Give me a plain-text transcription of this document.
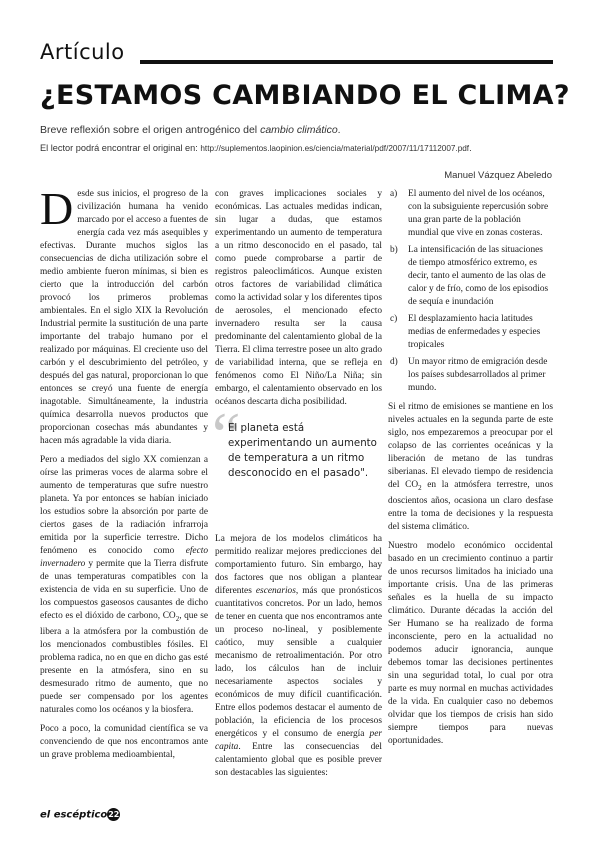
Artículo
¿ESTAMOS CAMBIANDO EL CLIMA?
Breve reflexión sobre el origen antrogénico del cambio climático.
El lector podrá encontrar el original en: http://suplementos.laopinion.es/ciencia/material/pdf/2007/11/17112007.pdf.
Manuel Vázquez Abeledo

Desde sus inicios, el progreso de la civilización humana ha venido marcado por el acceso a fuentes de energía cada vez más asequibles y efectivas. Durante muchos siglos las consecuencias de dicha utilización sobre el medio ambiente fueron mínimas, si bien es cierto que la introducción del carbón provocó los primeros problemas ambientales. En el siglo XIX la Revolución Industrial permite la sustitución de una parte importante del trabajo humano por el realizado por máquinas. El creciente uso del carbón y el descubrimiento del petróleo, y después del gas natural, proporcionan lo que entonces se creyó una fuente de energía inagotable. Simultáneamente, la industria química desarrolla nuevos productos que proporcionan cosechas más abundantes y hacen más agradable la vida diaria.

Pero a mediados del siglo XX comienzan a oírse las primeras voces de alarma sobre el aumento de temperaturas que sufre nuestro planeta. Ya por entonces se habían iniciado los estudios sobre la absorción por parte de ciertos gases de la radiación infrarroja emitida por la superficie terrestre. Dicho fenómeno es conocido como efecto invernadero y permite que la Tierra disfrute de unas temperaturas compatibles con la existencia de vida en su superficie. Uno de los compuestos gaseosos causantes de dicho efecto es el dióxido de carbono, $CO_2$, que se libera a la atmósfera por la combustión de los mencionados combustibles fósiles. El problema radica, no en que en dicho gas esté presente en la atmósfera, sino en su desmesurado ritmo de aumento, que no puede ser compensado por los agentes naturales como los océanos y la biosfera.

Poco a poco, la comunidad científica se va convenciendo de que nos encontramos ante un grave problema medioambiental,

con graves implicaciones sociales y económicas. Las actuales medidas indican, sin lugar a dudas, que estamos experimentando un aumento de temperatura a un ritmo desconocido en el pasado, tal como puede comprobarse a partir de registros paleoclimáticos. Aunque existen otros factores de variabilidad climática como la actividad solar y los diferentes tipos de aerosoles, el mencionado efecto invernadero resulta ser la causa predominante del calentamiento global de la Tierra. El clima terrestre posee un alto grado de variabilidad interna, que se refleja en fenómenos como El Niño/La Niña; sin embargo, el calentamiento observado en los océanos descarta dicha posibilidad.

“
El planeta está experimentando un aumento de temperatura a un ritmo desconocido en el pasado".

La mejora de los modelos climáticos ha permitido realizar mejores predicciones del comportamiento futuro. Sin embargo, hay dos factores que nos obligan a plantear diferentes escenarios, más que pronósticos cuantitativos concretos. Por un lado, hemos de tener en cuenta que nos encontramos ante un proceso no-lineal, y posiblemente caótico, muy sensible a cualquier mecanismo de retroalimentación. Por otro lado, los cálculos han de incluir necesariamente aspectos sociales y económicos de muy difícil cuantificación. Entre ellos podemos destacar el aumento de población, la eficiencia de los procesos energéticos y el consumo de energía per capita. Entre las consecuencias del calentamiento global que es posible prever son destacables las siguientes:

a) El aumento del nivel de los océanos, con la subsiguiente repercusión sobre una gran parte de la población mundial que vive en zonas costeras.
b) La intensificación de las situaciones de tiempo atmosférico extremo, es decir, tanto el aumento de las olas de calor y de frío, como de los episodios de sequía e inundación
c) El desplazamiento hacia latitudes medias de enfermedades y especies tropicales
d) Un mayor ritmo de emigración desde los países subdesarrollados al primer mundo.

Si el ritmo de emisiones se mantiene en los niveles actuales en la segunda parte de este siglo, nos empezaremos a preocupar por el colapso de las corrientes oceánicas y la liberación de metano de las tundras siberianas. El elevado tiempo de residencia del $CO_2$ en la atmósfera terrestre, unos doscientos años, ocasiona un claro desfase entre la toma de decisiones y la respuesta del sistema climático.

Nuestro modelo económico occidental basado en un crecimiento continuo a partir de unos recursos limitados ha iniciado una importante crisis. Una de las primeras señales es la huella de su impacto climático. Durante décadas la acción del Ser Humano se ha realizado de forma inconsciente, pero en la actualidad no podemos aducir ignorancia, aunque debemos tomar las decisiones pertinentes sin una seguridad total, lo cual por otra parte es muy normal en muchas actividades de la vida. En cualquier caso no debemos olvidar que los tiempos de crisis han sido siempre tiempos para nuevas oportunidades.

el escéptico22
